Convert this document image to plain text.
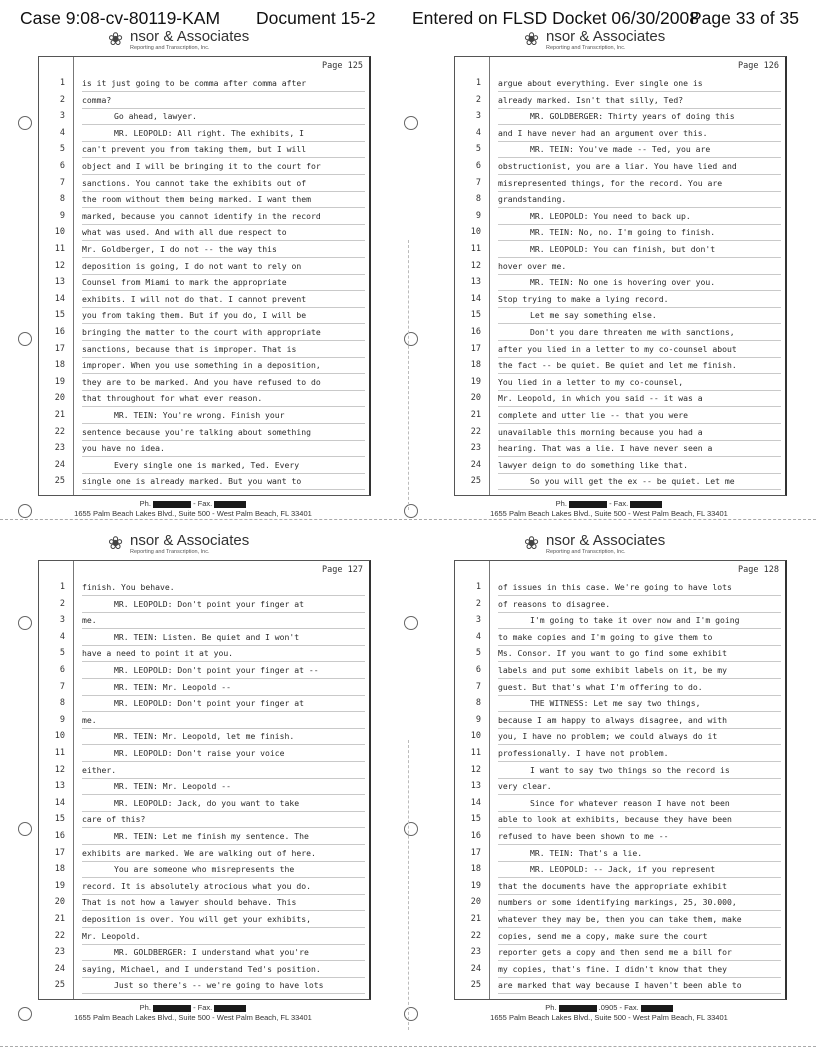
Case 9:08-cv-80119-KAM Document 15-2 Entered on FLSD Docket 06/30/2008
Page 33 of 35
❀ nsor & Associates
Reporting and Transcription, Inc.
Page 125
1 is it just going to be comma after comma after
2 comma?
3	Go ahead, lawyer.
4	MR. LEOPOLD: All right. The exhibits, I
5 can't prevent you from taking them, but I will
6 object and I will be bringing it to the court for
7 sanctions. You cannot take the exhibits out of
8 the room without them being marked. I want them
9 marked, because you cannot identify in the record
10 what was used. And with all due respect to
11 Mr. Goldberger, I do not -- the way this
12 deposition is going, I do not want to rely on
13 Counsel from Miami to mark the appropriate
14 exhibits. I will not do that. I cannot prevent
15 you from taking them. But if you do, I will be
16 bringing the matter to the court with appropriate
17 sanctions, because that is improper. That is
18 improper. When you use something in a deposition,
19 they are to be marked. And you have refused to do
20 that throughout for what ever reason.
21	MR. TEIN: You're wrong. Finish your
22 sentence because you're talking about something
23 you have no idea.
24	Every single one is marked, Ted. Every
25 single one is already marked. But you want to
Ph.	- Fax.
1655 Palm Beach Lakes Blvd., Suite 500 - West Palm Beach, FL 33401
❀ nsor & Associates
Reporting and Transcription, Inc.
Page 126
1 argue about everything. Ever single one is
2 already marked. Isn't that silly, Ted?
3	MR. GOLDBERGER: Thirty years of doing this
4 and I have never had an argument over this.
5	MR. TEIN: You've made -- Ted, you are
6 obstructionist, you are a liar. You have lied and
7 misrepresented things, for the record. You are
8 grandstanding.
9	MR. LEOPOLD: You need to back up.
10	MR. TEIN: No, no. I'm going to finish.
11	MR. LEOPOLD: You can finish, but don't
12 hover over me.
13	MR. TEIN: No one is hovering over you.
14 Stop trying to make a lying record.
15	Let me say something else.
16	Don't you dare threaten me with sanctions,
17 after you lied in a letter to my co-counsel about
18 the fact -- be quiet. Be quiet and let me finish.
19 You lied in a letter to my co-counsel,
20 Mr. Leopold, in which you said -- it was a
21 complete and utter lie -- that you were
22 unavailable this morning because you had a
23 hearing. That was a lie. I have never seen a
24 lawyer deign to do something like that.
25	So you will get the ex -- be quiet. Let me
Ph.	- Fax.
1655 Palm Beach Lakes Blvd., Suite 500 - West Palm Beach, FL 33401
❀ nsor & Associates
Reporting and Transcription, Inc.
Page 127
1 finish. You behave.
2	MR. LEOPOLD: Don't point your finger at
3 me.
4	MR. TEIN: Listen. Be quiet and I won't
5 have a need to point it at you.
6	MR. LEOPOLD: Don't point your finger at --
7	MR. TEIN: Mr. Leopold --
8	MR. LEOPOLD: Don't point your finger at
9 me.
10	MR. TEIN: Mr. Leopold, let me finish.
11	MR. LEOPOLD: Don't raise your voice
12 either.
13	MR. TEIN: Mr. Leopold --
14	MR. LEOPOLD: Jack, do you want to take
15 care of this?
16	MR. TEIN: Let me finish my sentence. The
17 exhibits are marked. We are walking out of here.
18	You are someone who misrepresents the
19 record. It is absolutely atrocious what you do.
20 That is not how a lawyer should behave. This
21 deposition is over. You will get your exhibits,
22 Mr. Leopold.
23	MR. GOLDBERGER: I understand what you're
24 saying, Michael, and I understand Ted's position.
25	Just so there's -- we're going to have lots
Ph.	- Fax.
1655 Palm Beach Lakes Blvd., Suite 500 - West Palm Beach, FL 33401
❀ nsor & Associates
Reporting and Transcription, Inc.
Page 128
1 of issues in this case. We're going to have lots
2 of reasons to disagree.
3	I'm going to take it over now and I'm going
4 to make copies and I'm going to give them to
5 Ms. Consor. If you want to go find some exhibit
6 labels and put some exhibit labels on it, be my
7 guest. But that's what I'm offering to do.
8	THE WITNESS: Let me say two things,
9 because I am happy to always disagree, and with
10 you, I have no problem; we could always do it
11 professionally. I have not problem.
12	I want to say two things so the record is
13 very clear.
14	Since for whatever reason I have not been
15 able to look at exhibits, because they have been
16 refused to have been shown to me --
17	MR. TEIN: That's a lie.
18	MR. LEOPOLD: -- Jack, if you represent
19 that the documents have the appropriate exhibit
20 numbers or some identifying markings, 25, 30.000,
21 whatever they may be, then you can take them, make
22 copies, send me a copy, make sure the court
23 reporter gets a copy and then send me a bill for
24 my copies, that's fine. I didn't know that they
25 are marked that way because I haven't been able to
Ph.	.0905 - Fax.
1655 Palm Beach Lakes Blvd., Suite 500 - West Palm Beach, FL 33401
